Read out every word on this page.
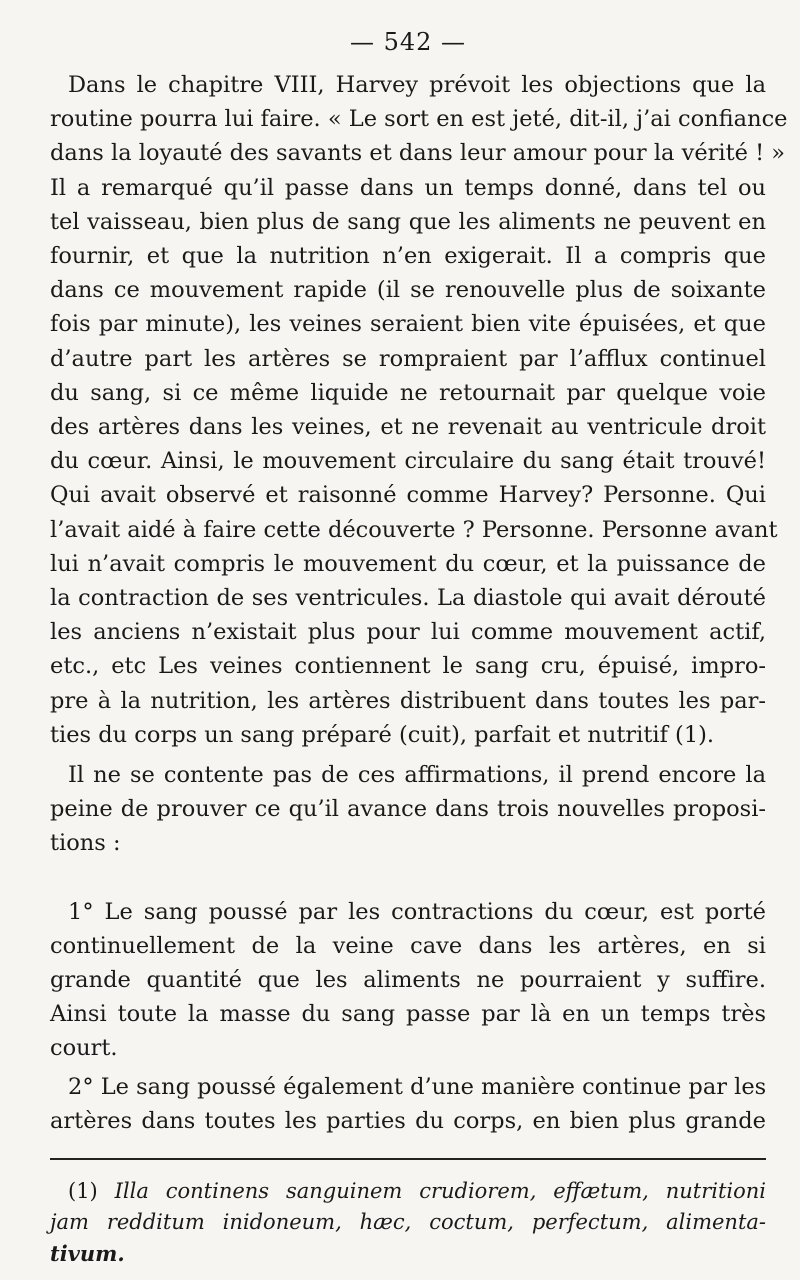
— 542 —
Dans le chapitre VIII, Harvey prévoit les objections que la
routine pourra lui faire. « Le sort en est jeté, dit-il, j’ai confiance
dans la loyauté des savants et dans leur amour pour la vérité ! »
Il a remarqué qu’il passe dans un temps donné, dans tel ou
tel vaisseau, bien plus de sang que les aliments ne peuvent en
fournir, et que la nutrition n’en exigerait. Il a compris que
dans ce mouvement rapide (il se renouvelle plus de soixante
fois par minute), les veines seraient bien vite épuisées, et que
d’autre part les artères se rompraient par l’afflux continuel
du sang, si ce même liquide ne retournait par quelque voie
des artères dans les veines, et ne revenait au ventricule droit
du cœur. Ainsi, le mouvement circulaire du sang était trouvé!
Qui avait observé et raisonné comme Harvey? Personne. Qui
l’avait aidé à faire cette découverte ? Personne. Personne avant
lui n’avait compris le mouvement du cœur, et la puissance de
la contraction de ses ventricules. La diastole qui avait dérouté
les anciens n’existait plus pour lui comme mouvement actif,
etc., etc Les veines contiennent le sang cru, épuisé, impro-
pre à la nutrition, les artères distribuent dans toutes les par-
ties du corps un sang préparé (cuit), parfait et nutritif (1).
Il ne se contente pas de ces affirmations, il prend encore la
peine de prouver ce qu’il avance dans trois nouvelles proposi-
tions :
1° Le sang poussé par les contractions du cœur, est porté
continuellement de la veine cave dans les artères, en si
grande quantité que les aliments ne pourraient y suffire.
Ainsi toute la masse du sang passe par là en un temps très
court.
2° Le sang poussé également d’une manière continue par les
artères dans toutes les parties du corps, en bien plus grande
(1) Illa continens sanguinem crudiorem, effætum, nutritioni
jam redditum inidoneum, hæc, coctum, perfectum, alimenta-
tivum.
